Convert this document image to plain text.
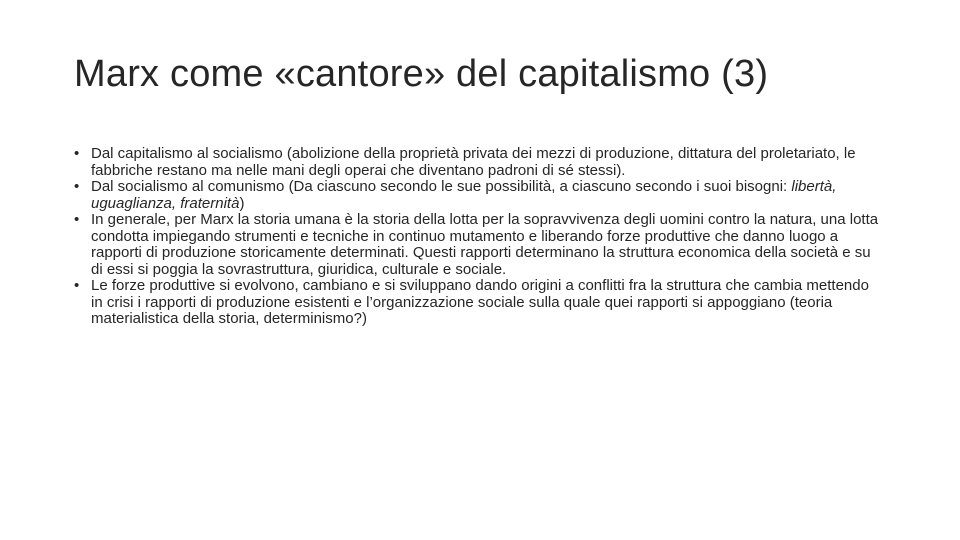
Marx come «cantore» del capitalismo (3)
• Dal capitalismo al socialismo (abolizione della proprietà privata dei mezzi di produzione, dittatura del proletariato, le fabbriche restano ma nelle mani degli operai che diventano padroni di sé stessi).
• Dal socialismo al comunismo (Da ciascuno secondo le sue possibilità, a ciascuno secondo i suoi bisogni: libertà, uguaglianza, fraternità)
• In generale, per Marx la storia umana è la storia della lotta per la sopravvivenza degli uomini contro la natura, una lotta condotta impiegando strumenti e tecniche in continuo mutamento e liberando forze produttive che danno luogo a rapporti di produzione storicamente determinati. Questi rapporti determinano la struttura economica della società e su di essi si poggia la sovrastruttura, giuridica, culturale e sociale.
• Le forze produttive si evolvono, cambiano e si sviluppano dando origini a conflitti fra la struttura che cambia mettendo in crisi i rapporti di produzione esistenti e l’organizzazione sociale sulla quale quei rapporti si appoggiano (teoria materialistica della storia, determinismo?)
